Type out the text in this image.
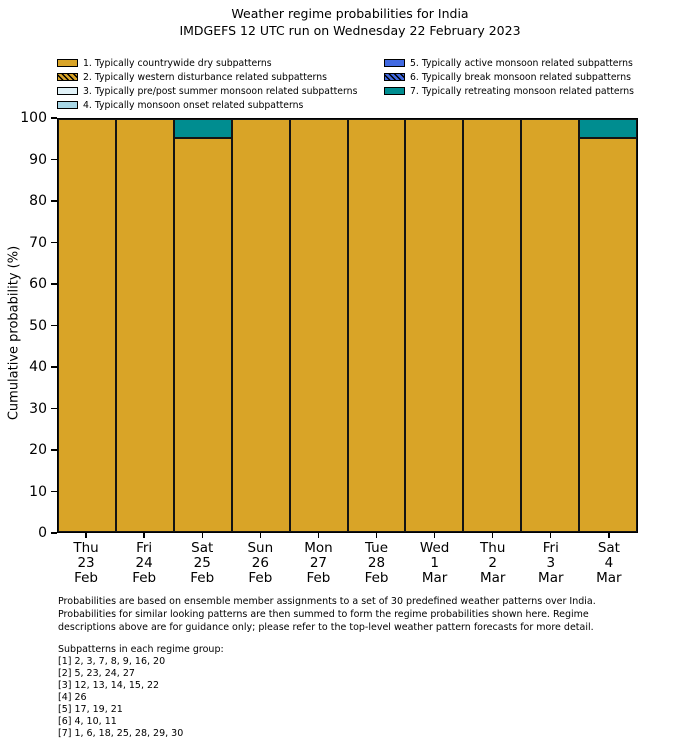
Weather regime probabilities for India
IMDGEFS 12 UTC run on Wednesday 22 February 2023
1. Typically countrywide dry subpatterns
2. Typically western disturbance related subpatterns
3. Typically pre/post summer monsoon related subpatterns
4. Typically monsoon onset related subpatterns
5. Typically active monsoon related subpatterns
6. Typically break monsoon related subpatterns
7. Typically retreating monsoon related patterns
Cumulative probability (%)
0
10
20
30
40
50
60
70
80
90
100
Thu
23
Feb
Fri
24
Feb
Sat
25
Feb
Sun
26
Feb
Mon
27
Feb
Tue
28
Feb
Wed
1
Mar
Thu
2
Mar
Fri
3
Mar
Sat
4
Mar
Probabilities are based on ensemble member assignments to a set of 30 predefined weather patterns over India.
Probabilities for similar looking patterns are then summed to form the regime probabilities shown here. Regime
descriptions above are for guidance only; please refer to the top-level weather pattern forecasts for more detail.
Subpatterns in each regime group:
[1] 2, 3, 7, 8, 9, 16, 20
[2] 5, 23, 24, 27
[3] 12, 13, 14, 15, 22
[4] 26
[5] 17, 19, 21
[6] 4, 10, 11
[7] 1, 6, 18, 25, 28, 29, 30
